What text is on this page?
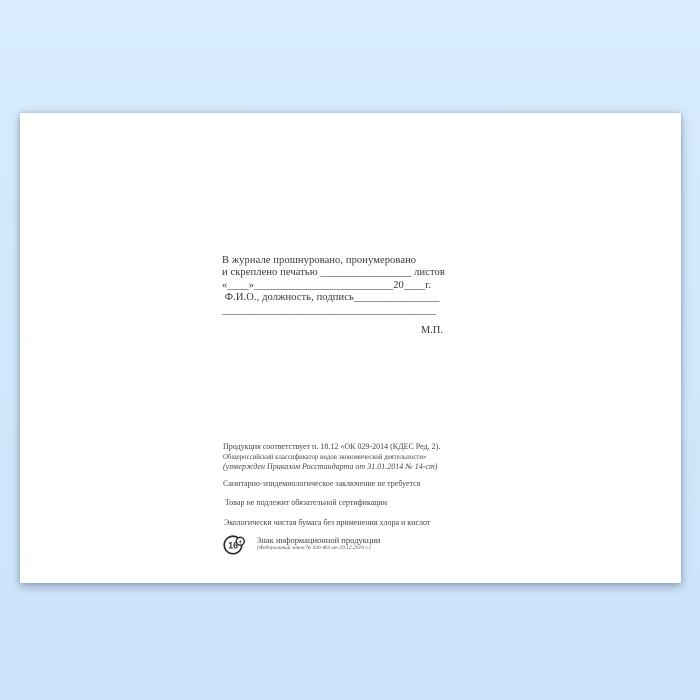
В журнале прошнуровано, пронумеровано
и скреплено печатью _________________ листов
«____»__________________________20____г.
Ф.И.О., должность, подпись________________
________________________________________
М.П.
Продукция соответствует п. 18.12 «ОК 029-2014 (КДЕС Ред. 2).
Общероссийский классификатор видов экономической деятельности»
(утвержден Приказом Росстандарта от 31.01.2014 № 14-ст)
Санитарно-эпидемиологическое заключение не требуется
Товар не подлежит обязательной сертификации
Экологически чистая бумага без применения хлора и кислот
16 + Знак информационной продукции
(Федеральный закон № 436-ФЗ от 29.12.2010 г.)
